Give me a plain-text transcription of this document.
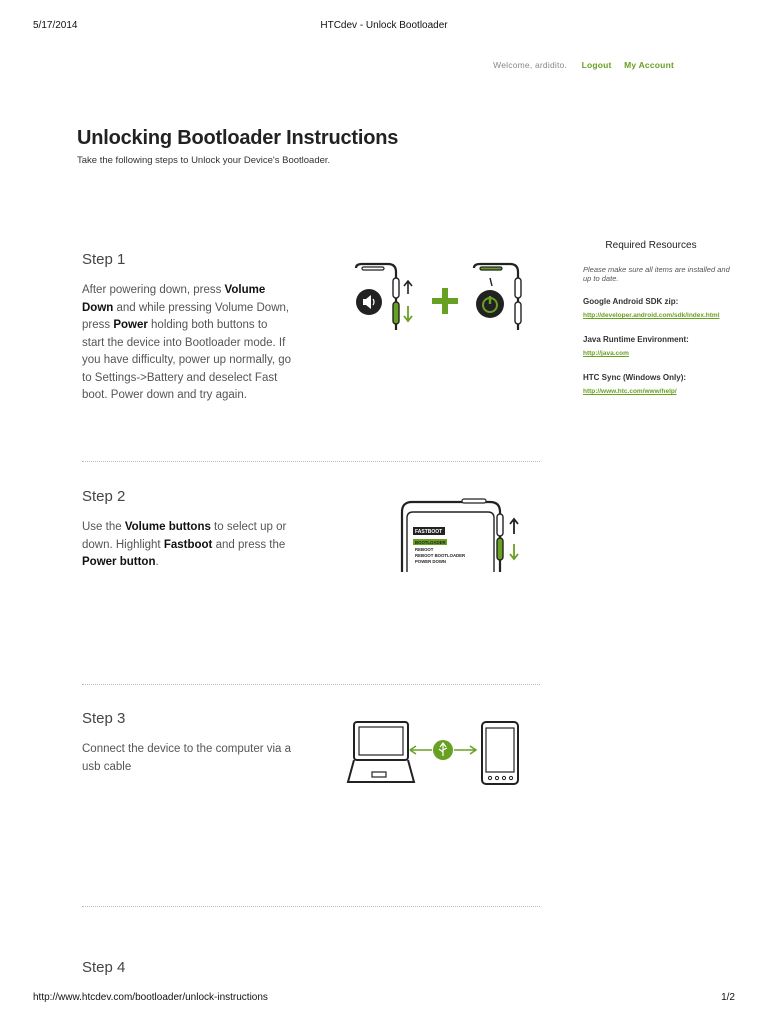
5/17/2014	HTCdev - Unlock Bootloader
http://www.htcdev.com/bootloader/unlock-instructions	1/2
Welcome, ardidito. Logout My Account
Unlocking Bootloader Instructions

Take the following steps to Unlock your Device's Bootloader.

Step 1

After powering down, press Volume Down and while pressing Volume Down, press Power holding both buttons to start the device into Bootloader mode. If you have difficulty, power up normally, go to Settings->Battery and deselect Fast boot. Power down and try again.

Step 2

Use the Volume buttons to select up or down. Highlight Fastboot and press the Power button.

FASTBOOT
BOOTLOADER
REBOOT
REBOOT BOOTLOADER
POWER DOWN
Step 3

Connect the device to the computer via a usb cable

Step 4
Required Resources
Please make sure all items are installed and up to date.
Google Android SDK zip:
http://developer.android.com/sdk/index.html
Java Runtime Environment:
http://java.com
HTC Sync (Windows Only):
http://www.htc.com/www/help/
